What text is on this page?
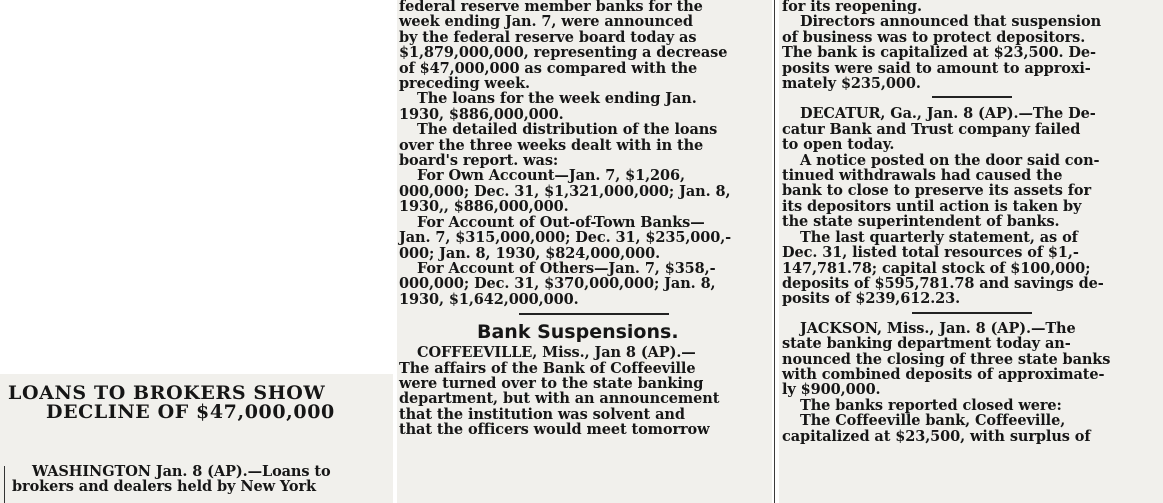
LOANS TO BROKERS SHOW

DECLINE OF $47,000,000

WASHINGTON Jan. 8 (AP).—Loans to

brokers and dealers held by New York

federal reserve member banks for the

week ending Jan. 7, were announced

by the federal reserve board today as

$1,879,000,000, representing a decrease

of $47,000,000 as compared with the

preceding week.

The loans for the week ending Jan.

1930, $886,000,000.

The detailed distribution of the loans

over the three weeks dealt with in the

board's report. was:

For Own Account—Jan. 7, $1,206,

000,000; Dec. 31, $1,321,000,000; Jan. 8,

1930,, $886,000,000.

For Account of Out-of-Town Banks—

Jan. 7, $315,000,000; Dec. 31, $235,000,-

000; Jan. 8, 1930, $824,000,000.

For Account of Others—Jan. 7, $358,-

000,000; Dec. 31, $370,000,000; Jan. 8,

1930, $1,642,000,000.

Bank Suspensions.

COFFEEVILLE, Miss., Jan 8 (AP).—

The affairs of the Bank of Coffeeville

were turned over to the state banking

department, but with an announcement

that the institution was solvent and

that the officers would meet tomorrow

for its reopening.

Directors announced that suspension

of business was to protect depositors.

The bank is capitalized at $23,500. De-

posits were said to amount to approxi-

mately $235,000.

DECATUR, Ga., Jan. 8 (AP).—The De-

catur Bank and Trust company failed

to open today.

A notice posted on the door said con-

tinued withdrawals had caused the

bank to close to preserve its assets for

its depositors until action is taken by

the state superintendent of banks.

The last quarterly statement, as of

Dec. 31, listed total resources of $1,-

147,781.78; capital stock of $100,000;

deposits of $595,781.78 and savings de-

posits of $239,612.23.

JACKSON, Miss., Jan. 8 (AP).—The

state banking department today an-

nounced the closing of three state banks

with combined deposits of approximate-

ly $900,000.

The banks reported closed were:

The Coffeeville bank, Coffeeville,

capitalized at $23,500, with surplus of
